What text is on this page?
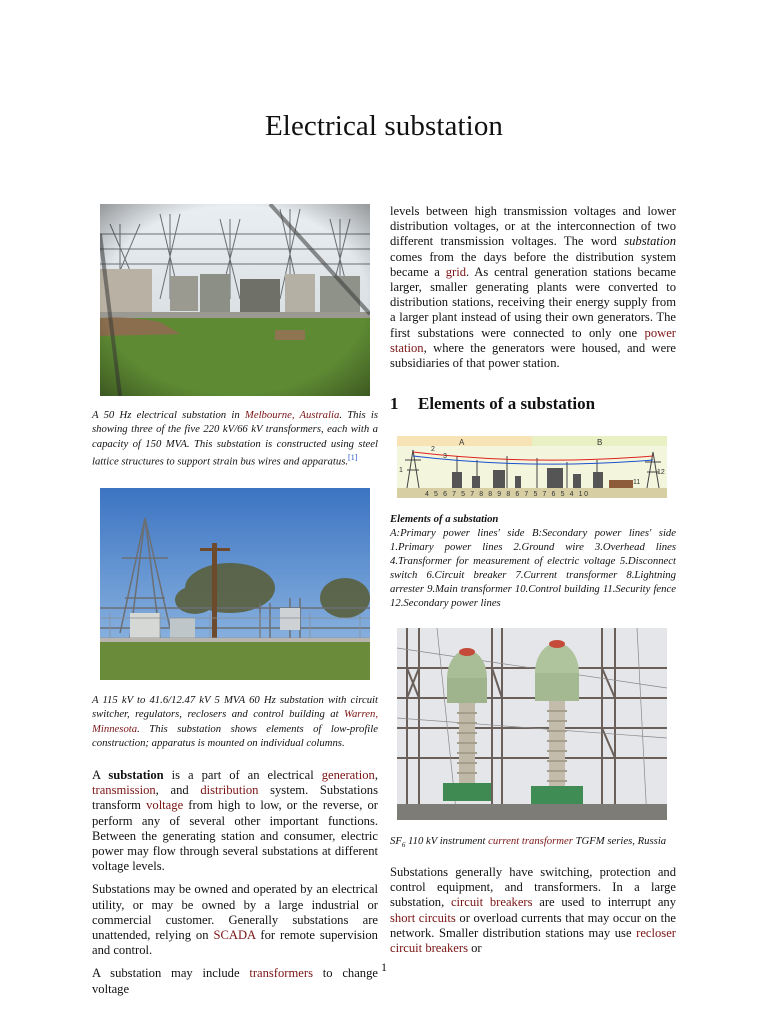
Electrical substation

A 50 Hz electrical substation in Melbourne, Australia. This is showing three of the five 220 kV/66 kV transformers, each with a capacity of 150 MVA. This substation is constructed using steel lattice structures to support strain bus wires and apparatus.[1]

A 115 kV to 41.6/12.47 kV 5 MVA 60 Hz substation with circuit switcher, regulators, reclosers and control building at Warren, Minnesota. This substation shows elements of low-profile construction; apparatus is mounted on individual columns.

A substation is a part of an electrical generation, transmission, and distribution system. Substations transform voltage from high to low, or the reverse, or perform any of several other important functions. Between the generating station and consumer, electric power may flow through several substations at different voltage levels.

Substations may be owned and operated by an electrical utility, or may be owned by a large industrial or commercial customer. Generally substations are unattended, relying on SCADA for remote supervision and control.

A substation may include transformers to change voltage

levels between high transmission voltages and lower distribution voltages, or at the interconnection of two different transmission voltages. The word substation comes from the days before the distribution system became a grid. As central generation stations became larger, smaller generating plants were converted to distribution stations, receiving their energy supply from a larger plant instead of using their own generators. The first substations were connected to only one power station, where the generators were housed, and were subsidiaries of that power station.

1 Elements of a substation
A	B
4 5 6 7 5 7 8 8 9 8 6 7 5 7 6 5 4 10
2
3
1	12
11

Elements of a substation
A:Primary power lines' side B:Secondary power lines' side 1.Primary power lines 2.Ground wire 3.Overhead lines 4.Transformer for measurement of electric voltage 5.Disconnect switch 6.Circuit breaker 7.Current transformer 8.Lightning arrester 9.Main transformer 10.Control building 11.Security fence 12.Secondary power lines

$SF_6$ 110 kV instrument current transformer TGFM series, Russia

Substations generally have switching, protection and control equipment, and transformers. In a large substation, circuit breakers are used to interrupt any short circuits or overload currents that may occur on the network. Smaller distribution stations may use recloser circuit breakers or

1
